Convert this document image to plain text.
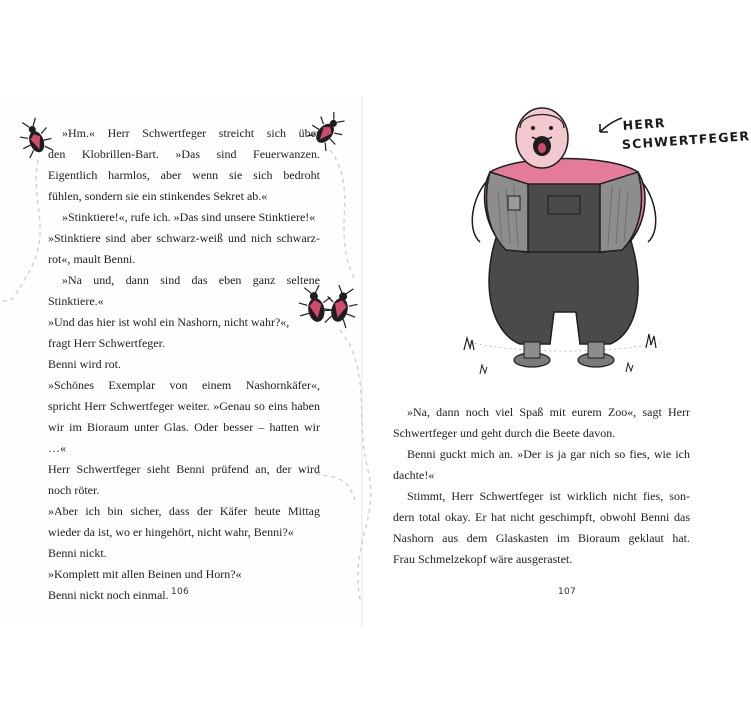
HERR
SCHWERTFEGER
»Hm.« Herr Schwertfeger streicht sich über
den Klobrillen-Bart. »Das sind Feuerwanzen.
Eigentlich harmlos, aber wenn sie sich bedroht
fühlen, sondern sie ein stinkendes Sekret ab.«
»Stinktiere!«, rufe ich. »Das sind unsere Stinktiere!«
»Stinktiere sind aber schwarz-weiß und nich schwarz-
rot«, mault Benni.
»Na und, dann sind das eben ganz seltene
Stinktiere.«
»Und das hier ist wohl ein Nashorn, nicht wahr?«,
fragt Herr Schwertfeger.
Benni wird rot.
»Schönes Exemplar von einem Nashornkäfer«,
spricht Herr Schwertfeger weiter. »Genau so eins haben
wir im Bioraum unter Glas. Oder besser – hatten wir …«
Herr Schwertfeger sieht Benni prüfend an, der wird
noch röter.
»Aber ich bin sicher, dass der Käfer heute Mittag
wieder da ist, wo er hingehört, nicht wahr, Benni?«
Benni nickt.
»Komplett mit allen Beinen und Horn?«
Benni nickt noch einmal.
»Na, dann noch viel Spaß mit eurem Zoo«, sagt Herr
Schwertfeger und geht durch die Beete davon.
Benni guckt mich an. »Der is ja gar nich so fies, wie ich
dachte!«
Stimmt, Herr Schwertfeger ist wirklich nicht fies, son-
dern total okay. Er hat nicht geschimpft, obwohl Benni das
Nashorn aus dem Glaskasten im Bioraum geklaut hat.
Frau Schmelzekopf wäre ausgerastet.
106	107
